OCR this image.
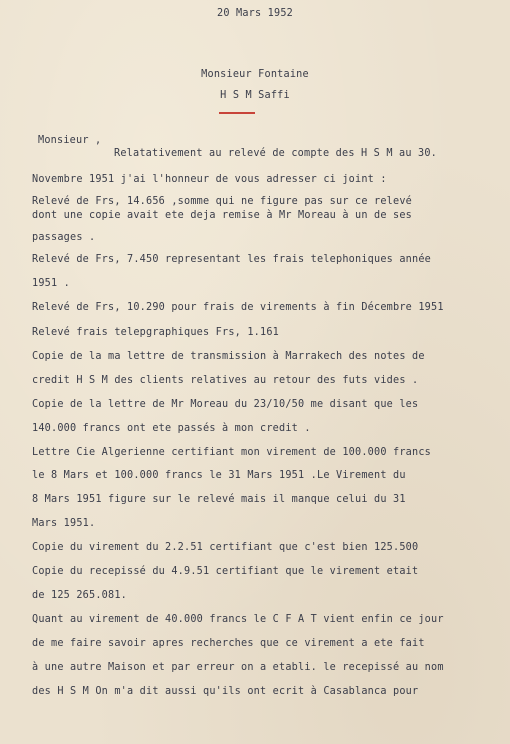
20 Mars 1952
Monsieur Fontaine
H S M Saffi
Monsieur ,
Relatativement au relevé de compte des H S M au 30.
Novembre 1951 j'ai l'honneur de vous adresser ci joint :
Relevé de Frs, 14.656 ,somme qui ne figure pas sur ce relevé
dont une copie avait ete deja remise à Mr Moreau à un de ses
passages .
Relevé de Frs, 7.450 representant les frais telephoniques année
1951 .
Relevé de Frs, 10.290 pour frais de virements à fin Décembre 1951
Relevé frais telepgraphiques Frs, 1.161
Copie de la ma lettre de transmission à Marrakech des notes de
credit H S M des clients relatives au retour des futs vides .
Copie de la lettre de Mr Moreau du 23/10/50 me disant que les
140.000 francs ont ete passés à mon credit .
Lettre Cie Algerienne certifiant mon virement de 100.000 francs
le 8 Mars et 100.000 francs le 31 Mars 1951 .Le Virement du
8 Mars 1951 figure sur le relevé mais il manque celui du 31
Mars 1951.
Copie du virement du 2.2.51 certifiant que c'est bien 125.500
Copie du recepissé du 4.9.51 certifiant que le virement etait
de 125 265.081.
Quant au virement de 40.000 francs le C F A T vient enfin ce jour
de me faire savoir apres recherches que ce virement a ete fait
à une autre Maison et par erreur on a etabli. le recepissé au nom
des H S M On m'a dit aussi qu'ils ont ecrit à Casablanca pour
